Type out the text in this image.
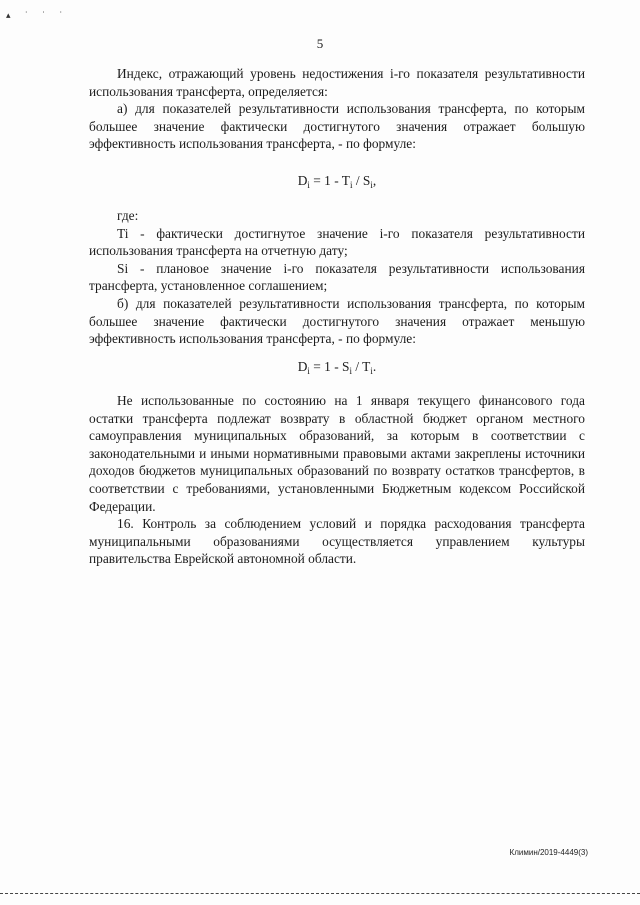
▴ ˙ ˙ ˙
5

Индекс, отражающий уровень недостижения i-го показателя результативности использования трансферта, определяется:

а) для показателей результативности использования трансферта, по которым большее значение фактически достигнутого значения отражает большую эффективность использования трансферта, - по формуле:

$D_i = 1 - T_i / S_i$,

где:

Ti - фактически достигнутое значение i-го показателя результативности использования трансферта на отчетную дату;

Si - плановое значение i-го показателя результативности использования трансферта, установленное соглашением;

б) для показателей результативности использования трансферта, по которым большее значение фактически достигнутого значения отражает меньшую эффективность использования трансферта, - по формуле:

$D_i = 1 - S_i / T_i$.

Не использованные по состоянию на 1 января текущего финансового года остатки трансферта подлежат возврату в областной бюджет органом местного самоуправления муниципальных образований, за которым в соответствии с законодательными и иными нормативными правовыми актами закреплены источники доходов бюджетов муниципальных образований по возврату остатков трансфертов, в соответствии с требованиями, установленными Бюджетным кодексом Российской Федерации.

16. Контроль за соблюдением условий и порядка расходования трансферта муниципальными образованиями осуществляется управлением культуры правительства Еврейской автономной области.

Климин/2019-4449(3)
